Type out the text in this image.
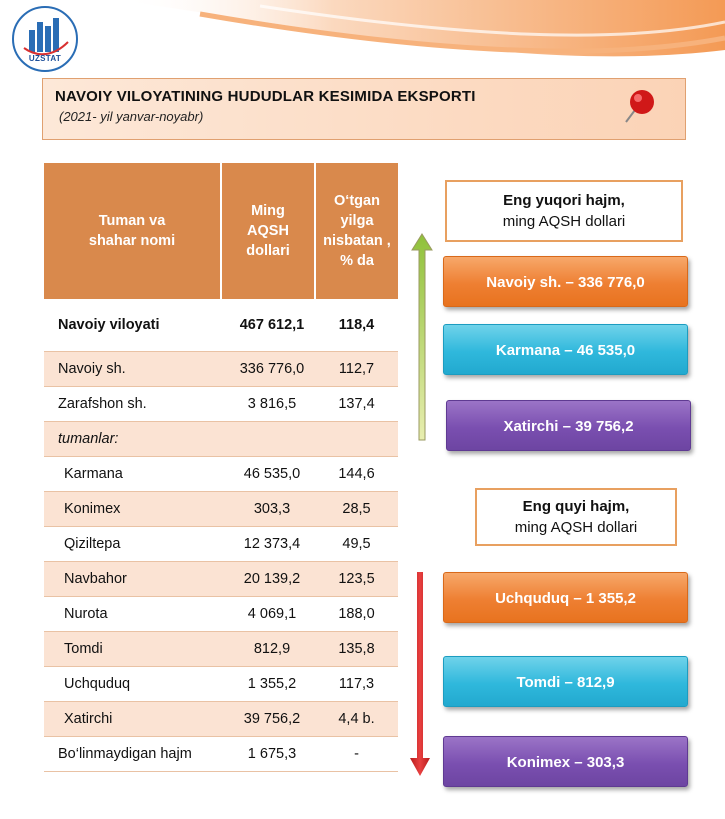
UZSTAT
NAVOIY VILOYATINING HUDUDLAR KESIMIDA EKSPORTI
(2021- yil yanvar-noyabr)
Tuman va shahar nomi	Ming AQSH dollari	O‘tgan yilga nisbatan , % da

Navoiy viloyati	467 612,1	118,4
Navoiy sh.	336 776,0	112,7
Zarafshon sh.	3 816,5	137,4
tumanlar:		
Karmana	46 535,0	144,6
Konimex	303,3	28,5
Qiziltepa	12 373,4	49,5
Navbahor	20 139,2	123,5
Nurota	4 069,1	188,0
Tomdi	812,9	135,8
Uchquduq	1 355,2	117,3
Xatirchi	39 756,2	4,4 b.
Bo‘linmaydigan hajm	1 675,3	-
Eng yuqori hajm,
ming AQSH dollari
Navoiy sh. – 336 776,0
Karmana – 46 535,0
Xatirchi – 39 756,2
Eng quyi hajm,
ming AQSH dollari
Uchquduq – 1 355,2
Tomdi – 812,9
Konimex – 303,3
